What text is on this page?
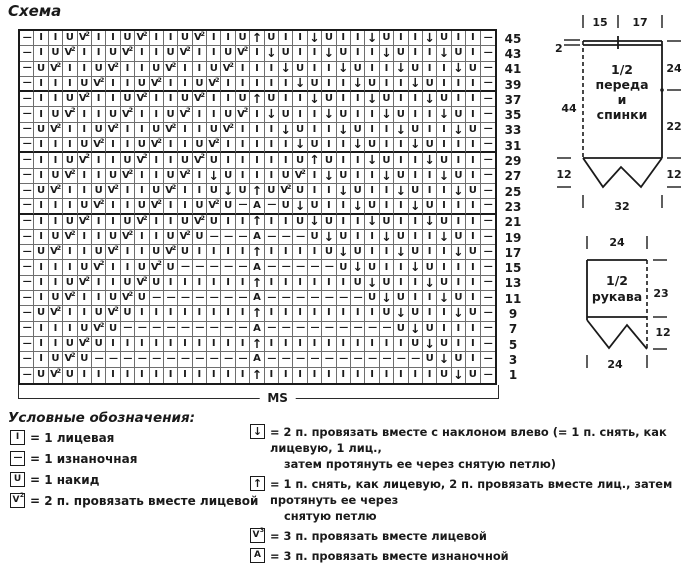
Схема
— I I U V
2 I I U V
2 I I U V
2 I I U ↑ U I I ↓ U I I ↓ U I I ↓ U I I —
— I U V
2 I I U V
2 I I U V
2 I I U V
2 I ↓ U I I ↓ U I I ↓ U I I ↓ U I —
— U V
2 I I U V
2 I I U V
2 I I U V
2 I I I ↓ U I I ↓ U I I ↓ U I I ↓ U —
— I I I U V
2 I I U V
2 I I U V
2 I I I I I ↓ U I I ↓ U I I ↓ U I I I —
— I I U V
2 I I U V
2 I I U V
2 I I U ↑ U I I ↓ U I I ↓ U I I ↓ U I I —
— I U V
2 I I U V
2 I I U V
2 I I U V
2 I ↓ U I I ↓ U I I ↓ U I I ↓ U I —
— U V
2 I I U V
2 I I U V
2 I I U V
2 I I I ↓ U I I ↓ U I I ↓ U I I ↓ U —
— I I I U V
2 I I U V
2 I I U V
2 I I I I I ↓ U I I ↓ U I I ↓ U I I I —
— I I U V
2 I I U V
2 I I U V
2 U I I I I I U ↑ U I I ↓ U I I ↓ U I I —
— I U V
2 I I U V
2 I I U V
2 I ↓ U I I I U V
2 I ↓ U I I ↓ U I I ↓ U I —
— U V
2 I I U V
2 I I U V
2 I I U ↓ U ↑ U V
2 U I I ↓ U I I ↓ U I I ↓ U —
— I I I U V
2 I I U V
2 I I U V
2 U — A — U ↓ U I I ↓ U I I ↓ U I I I —
— I I U V
2 I I U V
2 I I U V
2 U I I ↑ I I U ↓ U I I ↓ U I I ↓ U I I —
— I U V
2 I I U V
2 I I U V
2 U — — — A — — — U ↓ U I I ↓ U I I ↓ U I —
— U V
2 I I U V
2 I I U V
2 U I I I I ↑ I I I I U ↓ U I I ↓ U I I ↓ U —
— I I I U V
2 I I U V
2 U — — — — — A — — — — — U ↓ U I I ↓ U I I I —
— I I U V
2 I I U V
2 U I I I I I I ↑ I I I I I I U ↓ U I I ↓ U I I —
— I U V
2 I I U V
2 U — — — — — — — A — — — — — — — U ↓ U I I ↓ U I —
— U V
2 I I U V
2 U I I I I I I I I ↑ I I I I I I I I U ↓ U I I ↓ U —
— I I I U V
2 U — — — — — — — — — A — — — — — — — — — U ↓ U I I I —
— I I U V
2 U I I I I I I I I I I ↑ I I I I I I I I I I U ↓ U I I —
— I U V
2 U — — — — — — — — — — — A — — — — — — — — — — — U ↓ U I —
— U V
2 U I I I I I I I I I I I I ↑ I I I I I I I I I I I I U ↓ U —
45
43
41
39
37
35
33
31
29
27
25
23
21
19
17
15
13
11
9
7
5
3
1
MS
Условные обозначения:
I = 1 лицевая
— = 1 изнаночная
U = 1 накид
V 2 = 2 п. провязать вместе лицевой
↓ = 2 п. провязать вместе с наклоном влево (= 1 п. снять, как лицевую, 1 лиц.,
затем протянуть ее через снятую петлю)
↑ = 1 п. снять, как лицевую, 2 п. провязать вместе лиц., затем протянуть ее через
снятую петлю
V 3 = 3 п. провязать вместе лицевой
A = 3 п. провязать вместе изнаночной
15 17
2
24
22
12
44
12
32
1/2
переда
и
спинки
24
23
12
24
1/2
рукава
